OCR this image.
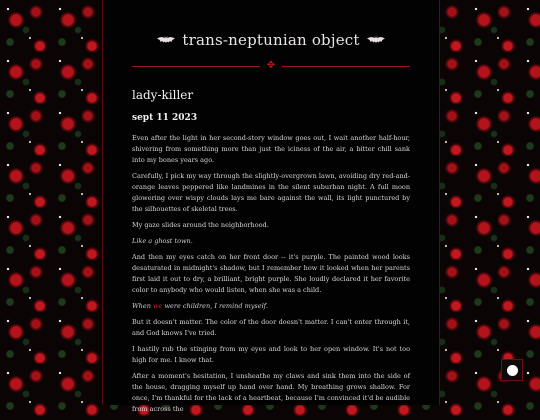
trans-neptunian object
✥
lady-killer
sept 11 2023

Even after the light in her second-story window goes out, I wait another half-hour, shivering from something more than just the iciness of the air, a bitter chill sank into my bones years ago.

Carefully, I pick my way through the slightly-overgrown lawn, avoiding dry red-and-orange leaves peppered like landmines in the silent suburban night. A full moon glowering over wispy clouds lays me bare against the wall, its light punctured by the silhouettes of skeletal trees.

My gaze slides around the neighborhood.

Like a ghost town.

And then my eyes catch on her front door -- it's purple. The painted wood looks desaturated in midnight's shadow, but I remember how it looked when her parents first laid it out to dry, a brilliant, bright purple. She loudly declared it her favorite color to anybody who would listen, when she was a child.

When we were children, I remind myself.

But it doesn't matter. The color of the door doesn't matter. I can't enter through it, and God knows I've tried.

I hastily rub the stinging from my eyes and look to her open window. It's not too high for me. I know that.

After a moment's hesitation, I unsheathe my claws and sink them into the side of the house, dragging myself up hand over hand. My breathing grows shallow. For once, I'm thankful for the lack of a heartbeat, because I'm convinced it'd be audible from across the
